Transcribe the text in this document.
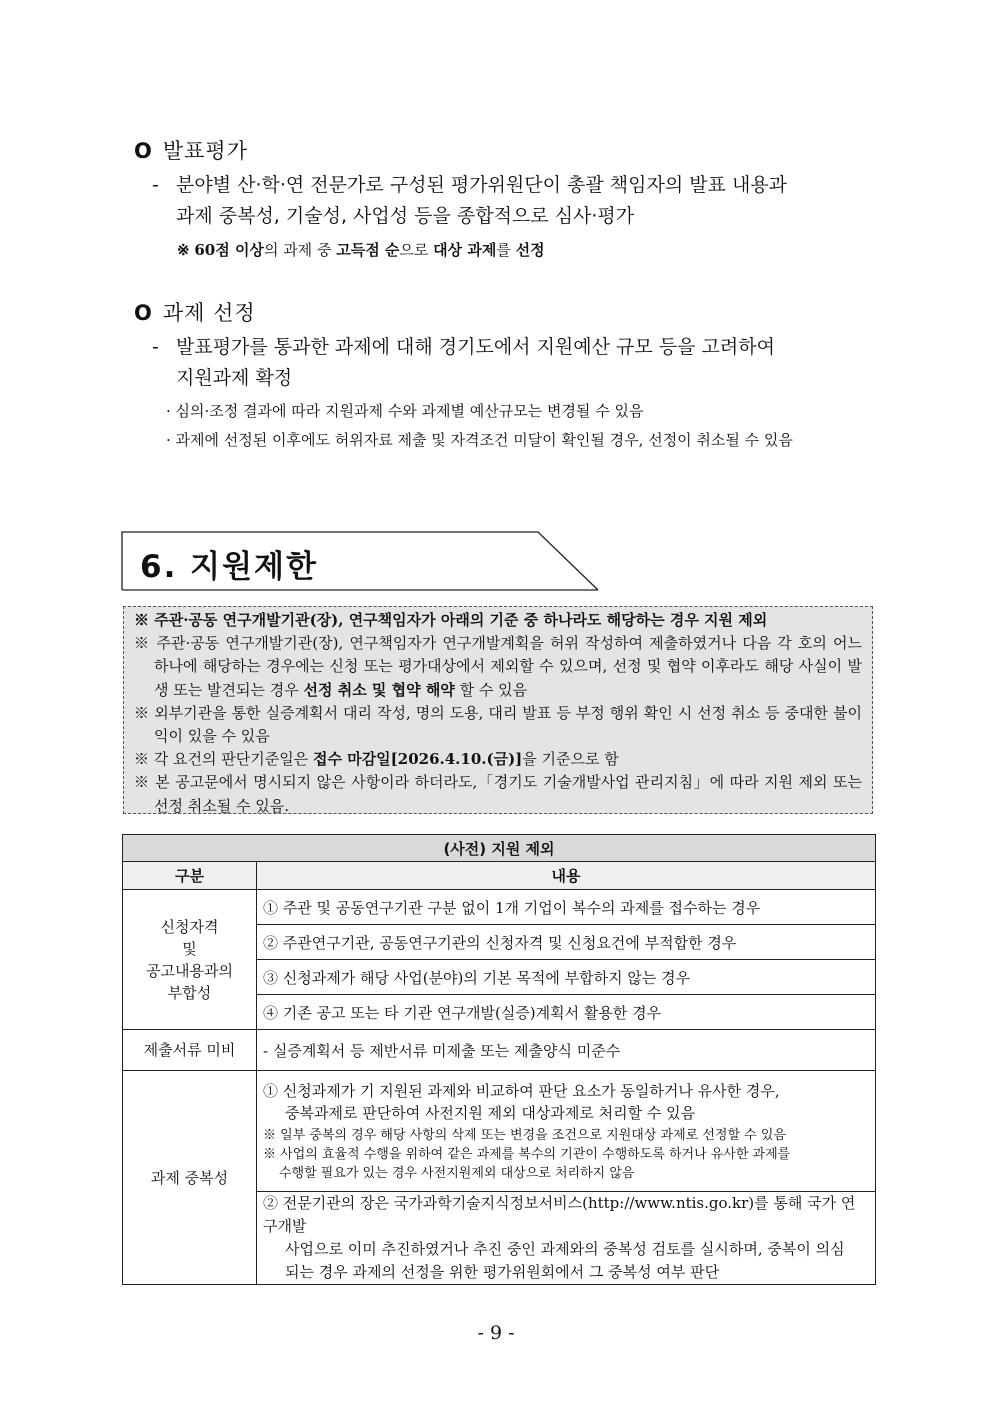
O 발표평가
- 분야별 산·학·연 전문가로 구성된 평가위원단이 총괄 책임자의 발표 내용과
과제 중복성, 기술성, 사업성 등을 종합적으로 심사·평가
※ 60점 이상의 과제 중 고득점 순으로 대상 과제를 선정
O 과제 선정
- 발표평가를 통과한 과제에 대해 경기도에서 지원예산 규모 등을 고려하여
지원과제 확정
· 심의·조정 결과에 따라 지원과제 수와 과제별 예산규모는 변경될 수 있음
· 과제에 선정된 이후에도 허위자료 제출 및 자격조건 미달이 확인될 경우, 선정이 취소될 수 있음
6. 지원제한

※ 주관·공동 연구개발기관(장), 연구책임자가 아래의 기준 중 하나라도 해당하는 경우 지원 제외

※ 주관·공동 연구개발기관(장), 연구책임자가 연구개발계획을 허위 작성하여 제출하였거나 다음 각 호의 어느 하나에 해당하는 경우에는 신청 또는 평가대상에서 제외할 수 있으며, 선정 및 협약 이후라도 해당 사실이 발생 또는 발견되는 경우 선정 취소 및 협약 해약 할 수 있음

※ 외부기관을 통한 실증계획서 대리 작성, 명의 도용, 대리 발표 등 부정 행위 확인 시 선정 취소 등 중대한 불이익이 있을 수 있음

※ 각 요건의 판단기준일은 접수 마감일[2026.4.10.(금)]을 기준으로 함

※ 본 공고문에서 명시되지 않은 사항이라 하더라도,「경기도 기술개발사업 관리지침」에 따라 지원 제외 또는 선정 취소될 수 있음.

(사전) 지원 제외	
구분	내용

신청자격
및
공고내용과의
부합성	① 주관 및 공동연구기관 구분 없이 1개 기업이 복수의 과제를 접수하는 경우
	② 주관연구기관, 공동연구기관의 신청자격 및 신청요건에 부적합한 경우
	③ 신청과제가 해당 사업(분야)의 기본 목적에 부합하지 않는 경우
	④ 기존 공고 또는 타 기관 연구개발(실증)계획서 활용한 경우
제출서류 미비	- 실증계획서 등 제반서류 미제출 또는 제출양식 미준수
과제 중복성	① 신청과제가 기 지원된 과제와 비교하여 판단 요소가 동일하거나 유사한 경우,

중복과제로 판단하여 사전지원 제외 대상과제로 처리할 수 있음

※ 일부 중복의 경우 해당 사항의 삭제 또는 변경을 조건으로 지원대상 과제로 선정할 수 있음

※ 사업의 효율적 수행을 위하여 같은 과제를 복수의 기관이 수행하도록 하거나 유사한 과제를

수행할 필요가 있는 경우 사전지원제외 대상으로 처리하지 않음

	② 전문기관의 장은 국가과학기술지식정보서비스(http://www.ntis.go.kr)를 통해 국가 연구개발

사업으로 이미 추진하였거나 추진 중인 과제와의 중복성 검토를 실시하며, 중복이 의심

되는 경우 과제의 선정을 위한 평가위원회에서 그 중복성 여부 판단

- 9 -
